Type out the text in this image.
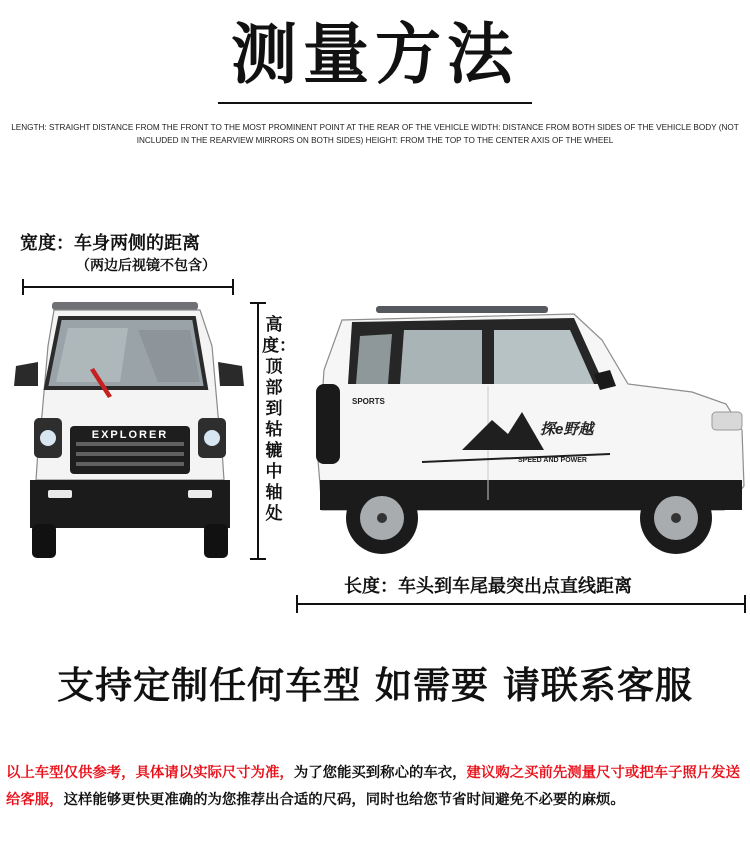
测量方法
LENGTH: STRAIGHT DISTANCE FROM THE FRONT TO THE MOST PROMINENT POINT AT THE REAR OF THE VEHICLE WIDTH: DISTANCE FROM BOTH SIDES OF THE VEHICLE BODY (NOT INCLUDED IN THE REARVIEW MIRRORS ON BOTH SIDES) HEIGHT: FROM THE TOP TO THE CENTER AXIS OF THE WHEEL
宽度：车身两侧的距离
（两边后视镜不包含）
高度：顶部到轱辘中轴处
长度：车头到车尾最突出点直线距离
EXPLORER
SPORTS
SPEED AND POWER
探e野越
支持定制任何车型 如需要 请联系客服
以上车型仅供参考，具体请以实际尺寸为准，为了您能买到称心的车衣，建议购之买前先测量尺寸或把车子照片发送给客服，这样能够更快更准确的为您推荐出合适的尺码，同时也给您节省时间避免不必要的麻烦。
